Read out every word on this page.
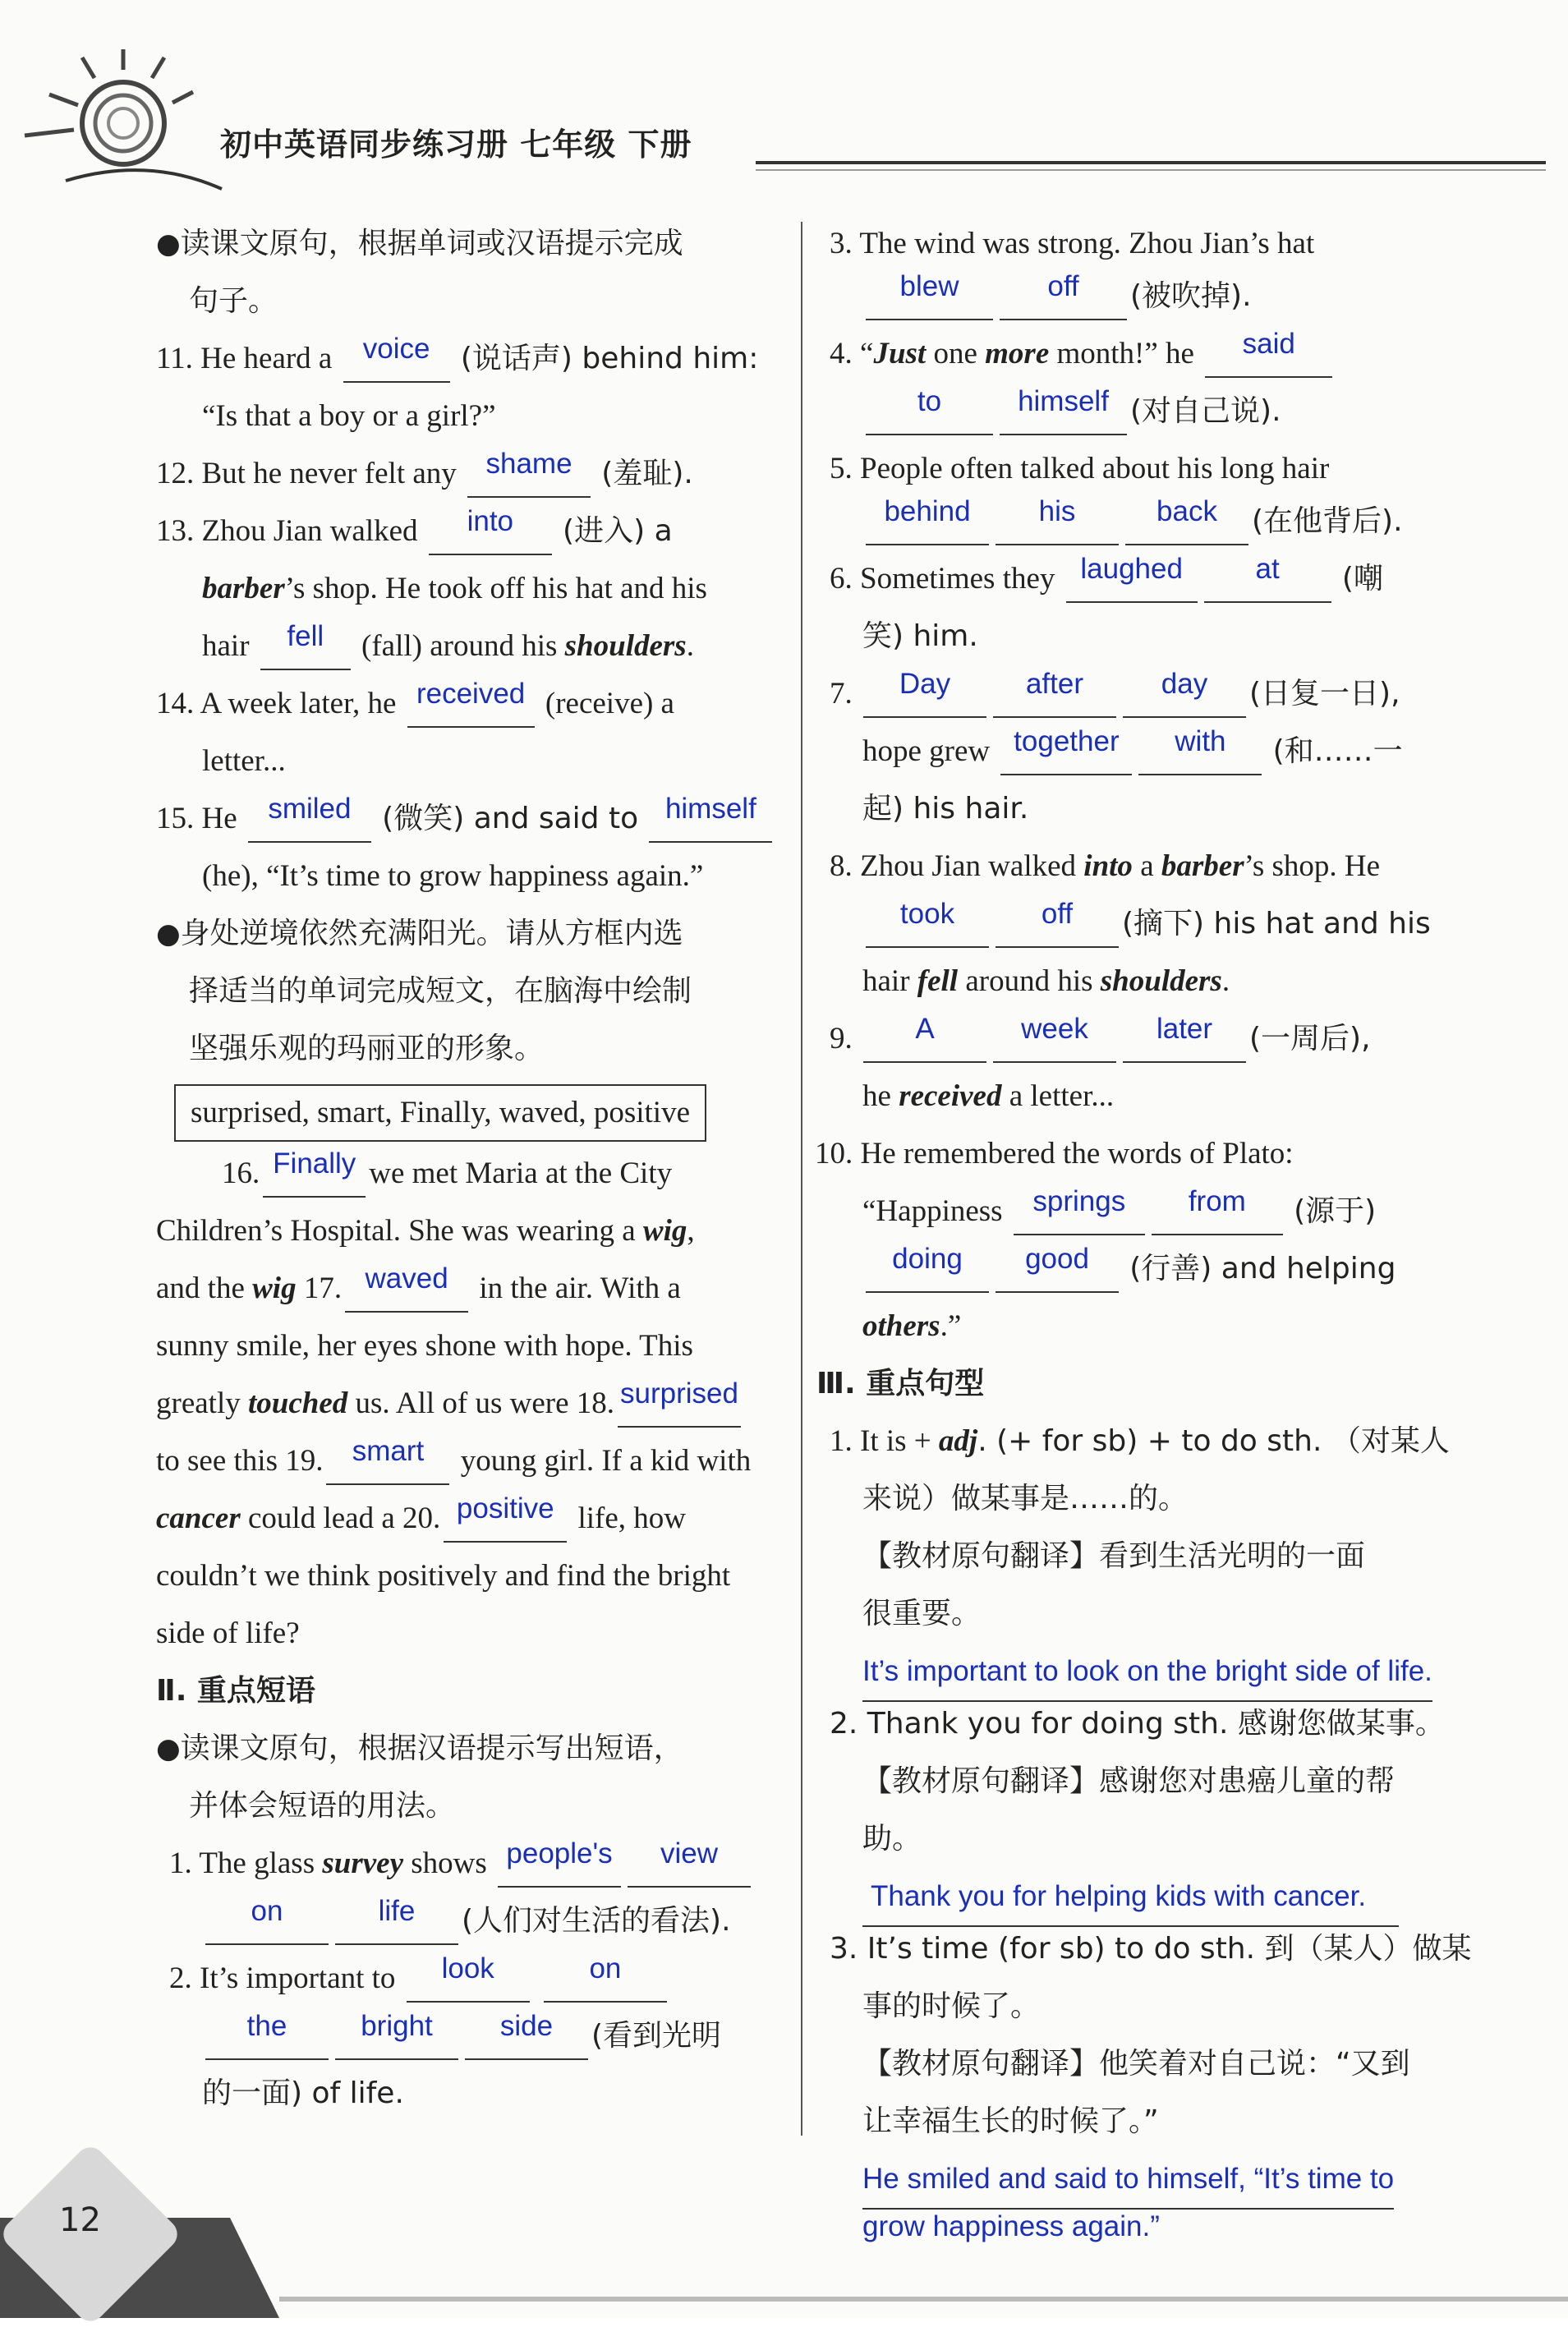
初中英语同步练习册 七年级 下册
●读课文原句，根据单词或汉语提示完成
句子。
11. He heard a voice (说话声) behind him:
“Is that a boy or a girl?”
12. But he never felt any shame (羞耻).
13. Zhou Jian walked into (进入) a
barber’s shop. He took off his hat and his
hair fell (fall) around his shoulders.
14. A week later, he received (receive) a
letter...
15. He smiled (微笑) and said to himself
(he), “It’s time to grow happiness again.”
●身处逆境依然充满阳光。请从方框内选
择适当的单词完成短文，在脑海中绘制
坚强乐观的玛丽亚的形象。
surprised, smart, Finally, waved, positive
16. Finally we met Maria at the City
Children’s Hospital. She was wearing a wig,
and the wig 17. waved in the air. With a
sunny smile, her eyes shone with hope. This
greatly touched us. All of us were 18. surprised
to see this 19. smart young girl. If a kid with
cancer could lead a 20. positive life, how
couldn’t we think positively and find the bright
side of life?
Ⅱ. 重点短语
●读课文原句，根据汉语提示写出短语，
并体会短语的用法。
1. The glass survey shows people's view
on	life (人们对生活的看法).
2. It’s important to look	on
the	bright side (看到光明
的一面) of life.
3. The wind was strong. Zhou Jian’s hat
blew	off (被吹掉).
4. “Just one more month!” he said
to	himself (对自己说).
5. People often talked about his long hair
behind his	back (在他背后).
6. Sometimes they laughed	at (嘲
笑) him.
7. Day	after	day (日复一日),
hope grew together with (和……一
起) his hair.
8. Zhou Jian walked into a barber’s shop. He
took	off (摘下) his hat and his
hair fell around his shoulders.
9. A	week later (一周后),
he received a letter...
10. He remembered the words of Plato:
“Happiness springs from (源于)
doing good (行善) and helping
others.”
Ⅲ. 重点句型
1. It is + adj. (+ for sb) + to do sth. （对某人
来说）做某事是……的。
【教材原句翻译】看到生活光明的一面
很重要。
It’s important to look on the bright side of life.
2. Thank you for doing sth. 感谢您做某事。
【教材原句翻译】感谢您对患癌儿童的帮
助。
Thank you for helping kids with cancer.
3. It’s time (for sb) to do sth. 到（某人）做某
事的时候了。
【教材原句翻译】他笑着对自己说：“又到
让幸福生长的时候了。”
He smiled and said to himself, “It’s time to
grow happiness again.”
12
